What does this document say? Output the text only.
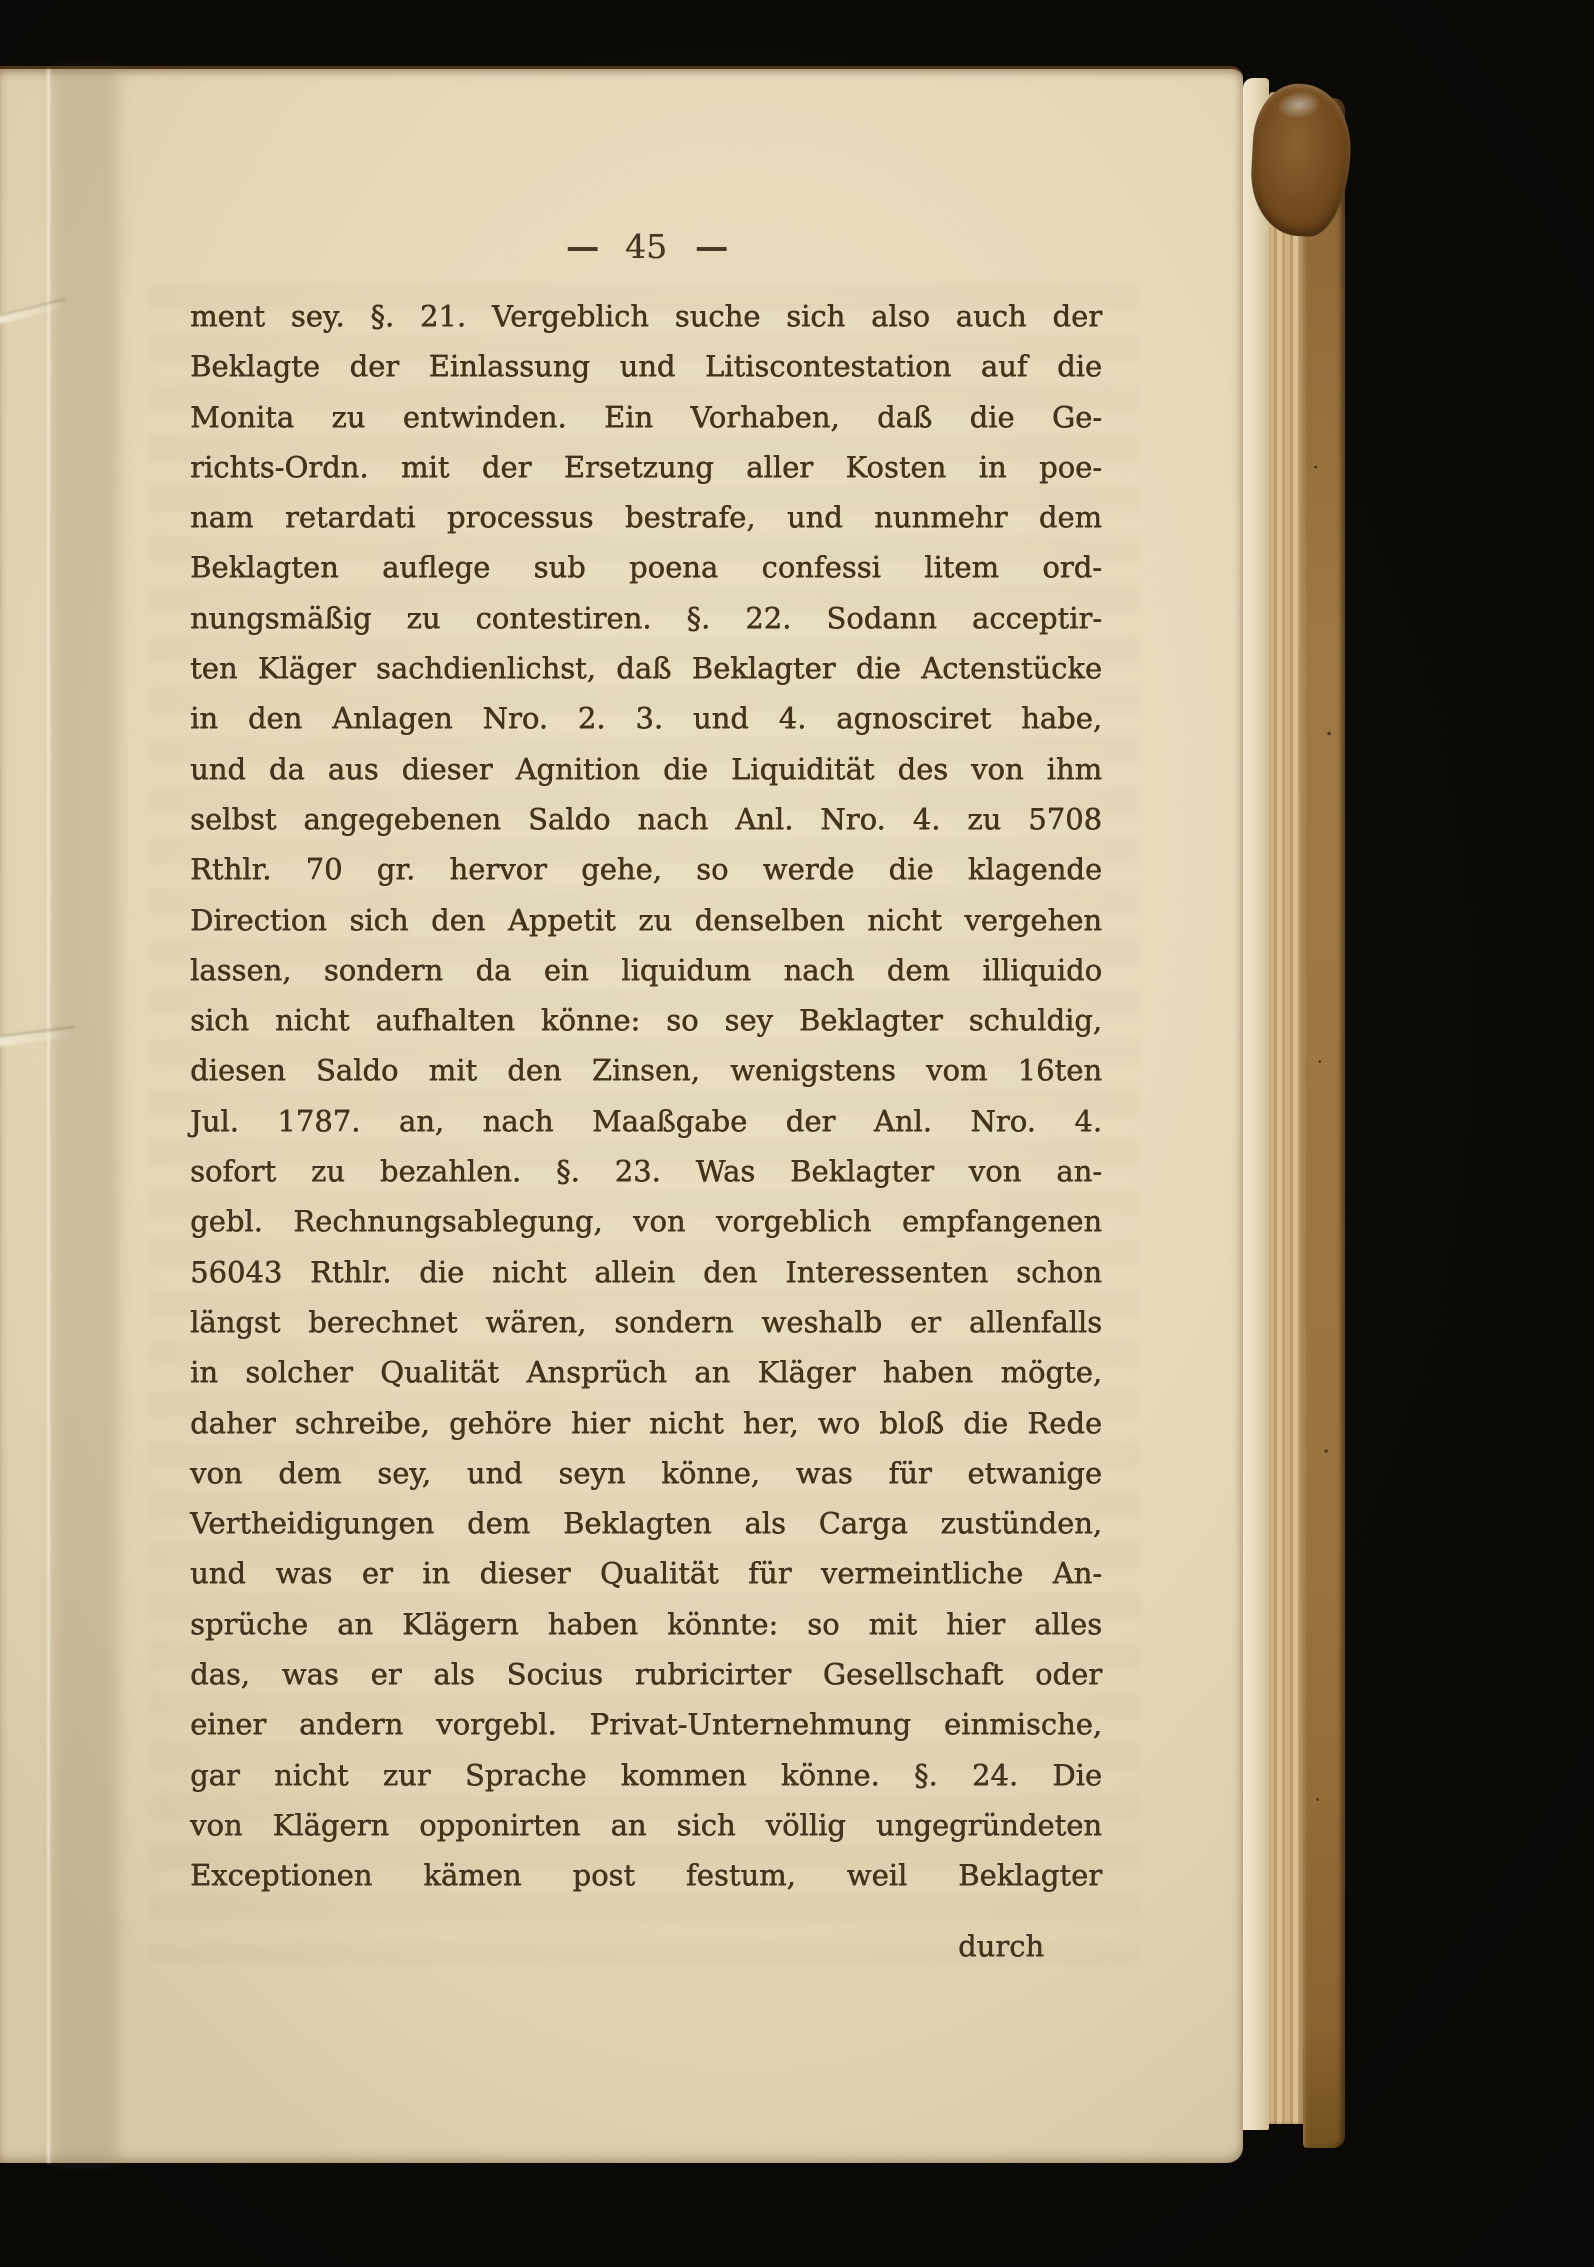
— 45 —
ment sey. §. 21. Vergeblich suche sich also auch der
Beklagte der Einlassung und Litiscontestation auf die
Monita zu entwinden. Ein Vorhaben, daß die Ge-
richts-Ordn. mit der Ersetzung aller Kosten in poe-
nam retardati processus bestrafe, und nunmehr dem
Beklagten auflege sub poena confessi litem ord-
nungsmäßig zu contestiren. §. 22. Sodann acceptir-
ten Kläger sachdienlichst, daß Beklagter die Actenstücke
in den Anlagen Nro. 2. 3. und 4. agnosciret habe,
und da aus dieser Agnition die Liquidität des von ihm
selbst angegebenen Saldo nach Anl. Nro. 4. zu 5708
Rthlr. 70 gr. hervor gehe, so werde die klagende
Direction sich den Appetit zu denselben nicht vergehen
lassen, sondern da ein liquidum nach dem illiquido
sich nicht aufhalten könne: so sey Beklagter schuldig,
diesen Saldo mit den Zinsen, wenigstens vom 16ten
Jul. 1787. an, nach Maaßgabe der Anl. Nro. 4.
sofort zu bezahlen. §. 23. Was Beklagter von an-
gebl. Rechnungsablegung, von vorgeblich empfangenen
56043 Rthlr. die nicht allein den Interessenten schon
längst berechnet wären, sondern weshalb er allenfalls
in solcher Qualität Ansprüch an Kläger haben mögte,
daher schreibe, gehöre hier nicht her, wo bloß die Rede
von dem sey, und seyn könne, was für etwanige
Vertheidigungen dem Beklagten als Carga zustünden,
und was er in dieser Qualität für vermeintliche An-
sprüche an Klägern haben könnte: so mit hier alles
das, was er als Socius rubricirter Gesellschaft oder
einer andern vorgebl. Privat-Unternehmung einmische,
gar nicht zur Sprache kommen könne. §. 24. Die
von Klägern opponirten an sich völlig ungegründeten
Exceptionen kämen post festum, weil Beklagter
durch
